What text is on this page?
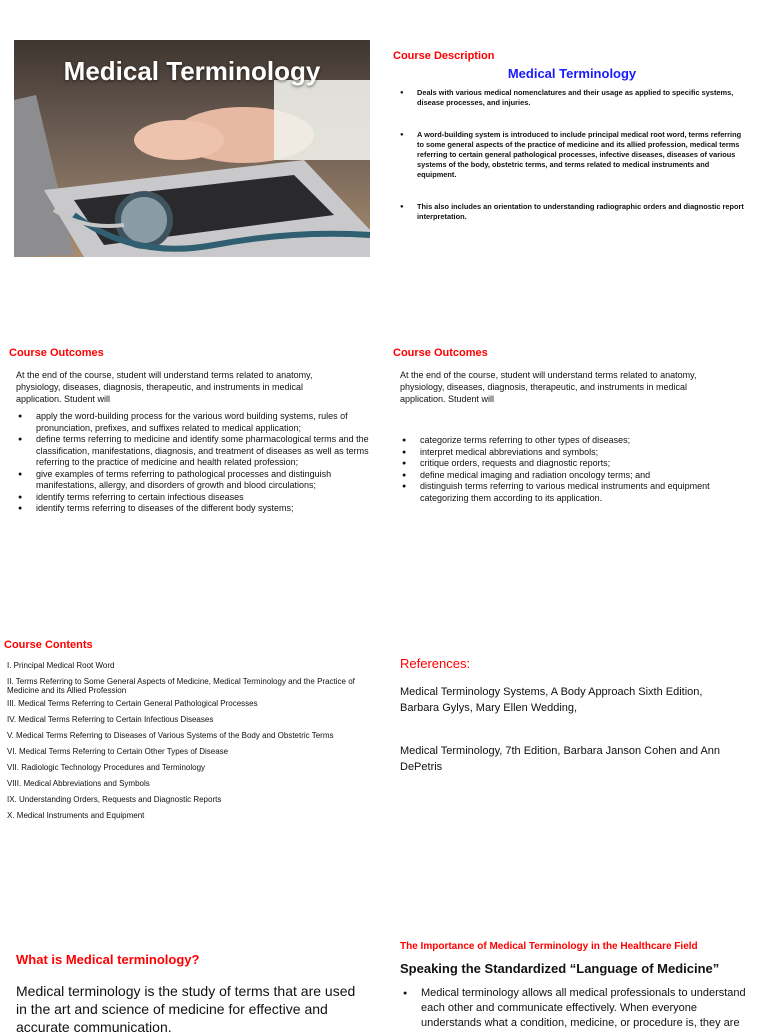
Medical Terminology	Course Description
Medical Terminology
● Deals with various medical nomenclatures and their usage as applied to specific systems, disease processes, and injuries.
● A word-building system is introduced to include principal medical root word, terms referring to some general aspects of the practice of medicine and its allied profession, medical terms referring to certain general pathological processes, infective diseases, diseases of various systems of the body, obstetric terms, and terms related to medical instruments and equipment.
● This also includes an orientation to understanding radiographic orders and diagnostic report interpretation.
Course Outcomes
At the end of the course, student will understand terms related to anatomy, physiology, diseases, diagnosis, therapeutic, and instruments in medical application. Student will
● apply the word-building process for the various word building systems, rules of pronunciation, prefixes, and suffixes related to medical application;
● define terms referring to medicine and identify some pharmacological terms and the classification, manifestations, diagnosis, and treatment of diseases as well as terms referring to the practice of medicine and health related profession;
● give examples of terms referring to pathological processes and distinguish manifestations, allergy, and disorders of growth and blood circulations;
● identify terms referring to certain infectious diseases
● identify terms referring to diseases of the different body systems;
Course Outcomes
At the end of the course, student will understand terms related to anatomy, physiology, diseases, diagnosis, therapeutic, and instruments in medical application. Student will
● categorize terms referring to other types of diseases;
● interpret medical abbreviations and symbols;
● critique orders, requests and diagnostic reports;
● define medical imaging and radiation oncology terms; and
● distinguish terms referring to various medical instruments and equipment categorizing them according to its application.
Course Contents
I. Principal Medical Root Word
II. Terms Referring to Some General Aspects of Medicine, Medical Terminology and the Practice of Medicine and its Allied Profession
III. Medical Terms Referring to Certain General Pathological Processes
IV. Medical Terms Referring to Certain Infectious Diseases
V. Medical Terms Referring to Diseases of Various Systems of the Body and Obstetric Terms
VI. Medical Terms Referring to Certain Other Types of Disease
VII. Radiologic Technology Procedures and Terminology
VIII. Medical Abbreviations and Symbols
IX. Understanding Orders, Requests and Diagnostic Reports
X. Medical Instruments and Equipment
References:
Medical Terminology Systems, A Body Approach Sixth Edition, Barbara Gylys, Mary Ellen Wedding,
Medical Terminology, 7th Edition, Barbara Janson Cohen and Ann DePetris
What is Medical terminology?
Medical terminology is the study of terms that are used in the art and science of medicine for effective and accurate communication.
The Importance of Medical Terminology in the Healthcare Field
Speaking the Standardized “Language of Medicine”
● Medical terminology allows all medical professionals to understand each other and communicate effectively. When everyone understands what a condition, medicine, or procedure is, they are
